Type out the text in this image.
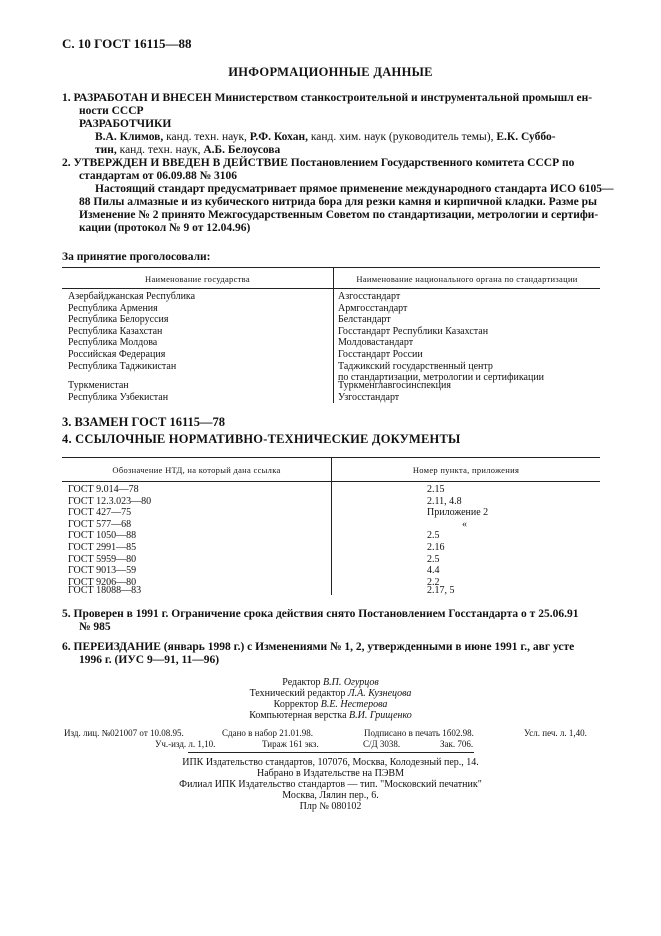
С. 10 ГОСТ 16115—88
ИНФОРМАЦИОННЫЕ ДАННЫЕ
1. РАЗРАБОТАН И ВНЕСЕН Министерством станкостроительной и инструментальной промышл ен-
ности СССР
РАЗРАБОТЧИКИ
В.А. Климов, канд. техн. наук, Р.Ф. Кохан, канд. хим. наук (руководитель темы), Е.К. Суббо-
тин, канд. техн. наук, А.Б. Белоусова
2. УТВЕРЖДЕН И ВВЕДЕН В ДЕЙСТВИЕ Постановлением Государственного комитета СССР по
стандартам от 06.09.88 № 3106
Настоящий стандарт предусматривает прямое применение международного стандарта ИСО 6105—
88 Пилы алмазные и из кубического нитрида бора для резки камня и кирпичной кладки. Разме ры
Изменение № 2 принято Межгосударственным Советом по стандартизации, метрологии и сертифи-
кации (протокол № 9 от 12.04.96)
За принятие проголосовали:
Наименование государства	Наименование национального органа по стандартизации
Азербайджанская Республика	Азгосстандарт
Республика Армения	Армгосстандарт
Республика Белоруссия	Белстандарт
Республика Казахстан	Госстандарт Республики Казахстан
Республика Молдова	Молдовастандарт
Российская Федерация	Госстандарт России
Республика Таджикистан	Таджикский государственный центр
по стандартизации, метрологии и сертификации
Туркменистан	Туркменглавгосинспекция
Республика Узбекистан	Узгосстандарт
3. ВЗАМЕН ГОСТ 16115—78
4. ССЫЛОЧНЫЕ НОРМАТИВНО-ТЕХНИЧЕСКИЕ ДОКУМЕНТЫ
Обозначение НТД, на который дана ссылка	Номер пункта, приложения
ГОСТ 9.014—78	2.15
ГОСТ 12.3.023—80	2.11, 4.8
ГОСТ 427—75	Приложение 2
ГОСТ 577—68	«
ГОСТ 1050—88	2.5
ГОСТ 2991—85	2.16
ГОСТ 5959—80	2.5
ГОСТ 9013—59	4.4
ГОСТ 9206—80	2.2
ГОСТ 18088—83	2.17, 5
5. Проверен в 1991 г. Ограничение срока действия снято Постановлением Госстандарта о т 25.06.91
№ 985
6. ПЕРЕИЗДАНИЕ (январь 1998 г.) с Изменениями № 1, 2, утвержденными в июне 1991 г., авг усте
1996 г. (ИУС 9—91, 11—96)
Редактор В.П. Огурцов
Технический редактор Л.А. Кузнецова
Корректор В.Е. Нестерова
Компьютерная верстка В.И. Грищенко
Изд. лиц. №021007 от 10.08.95.	Сдано в набор 21.01.98.	Подписано в печать 1б02.98.	Усл. печ. л. 1,40.
Уч.-изд. л. 1,10.	Тираж 161 экз.	С/Д 3038.	Зак. 706.
ИПК Издательство стандартов, 107076, Москва, Колодезный пер., 14.
Набрано в Издательстве на ПЭВМ
Филиал ИПК Издательство стандартов — тип. "Московский печатник"
Москва, Лялин пер., 6.
Плр № 080102
